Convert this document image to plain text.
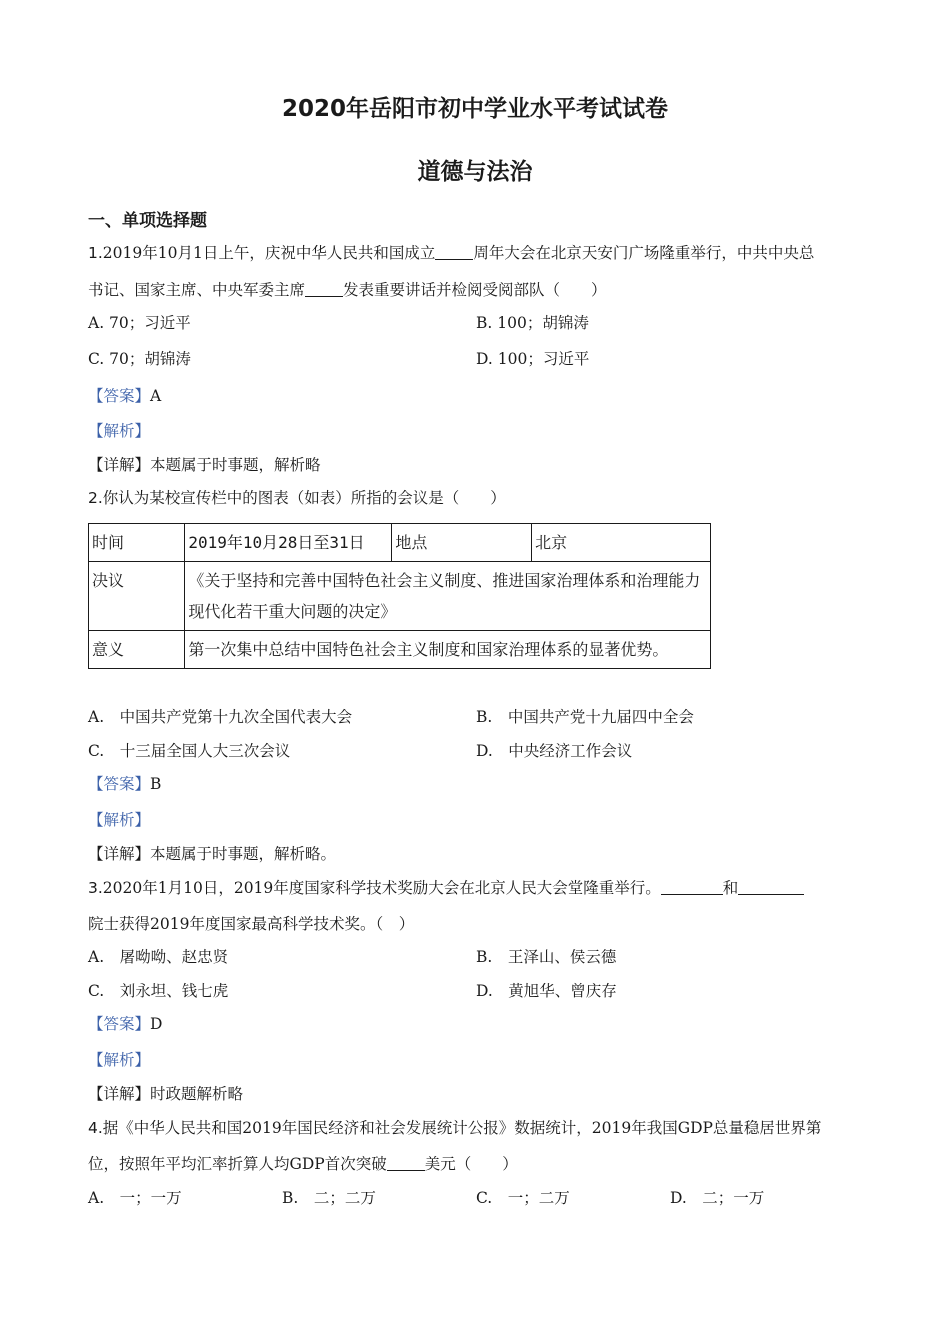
2020年岳阳市初中学业水平考试试卷
道德与法治
一、单项选择题
1.2019年10月1日上午，庆祝中华人民共和国成立 周年大会在北京天安门广场隆重举行，中共中央总
书记、国家主席、中央军委主席 发表重要讲话并检阅受阅部队（　　）
A. 70；习近平	B. 100；胡锦涛
C. 70；胡锦涛	D. 100；习近平
【答案】A
【解析】
【详解】本题属于时事题，解析略
2.你认为某校宣传栏中的图表（如表）所指的会议是（　　）
时间	2019年10月28日至31日	地点	北京
决议	《关于坚持和完善中国特色社会主义制度、推进国家治理体系和治理能力现代化若干重大问题的决定》		
意义	第一次集中总结中国特色社会主义制度和国家治理体系的显著优势。		
A.　中国共产党第十九次全国代表大会	B.　中国共产党十九届四中全会
C.　十三届全国人大三次会议	D.　中央经济工作会议
【答案】B
【解析】
【详解】本题属于时事题，解析略。
3.2020年1月10日，2019年度国家科学技术奖励大会在北京人民大会堂隆重举行。	和
院士获得2019年度国家最高科学技术奖。（　）
A.　屠呦呦、赵忠贤	B.　王泽山、侯云德
C.　刘永坦、钱七虎	D.　黄旭华、曾庆存
【答案】D
【解析】
【详解】时政题解析略
4.据《中华人民共和国2019年国民经济和社会发展统计公报》数据统计，2019年我国GDP总量稳居世界第
位，按照年平均汇率折算人均GDP首次突破 美元（　　）
A.　一；一万	B.　二；二万	C.　一；二万	D.　二；一万
